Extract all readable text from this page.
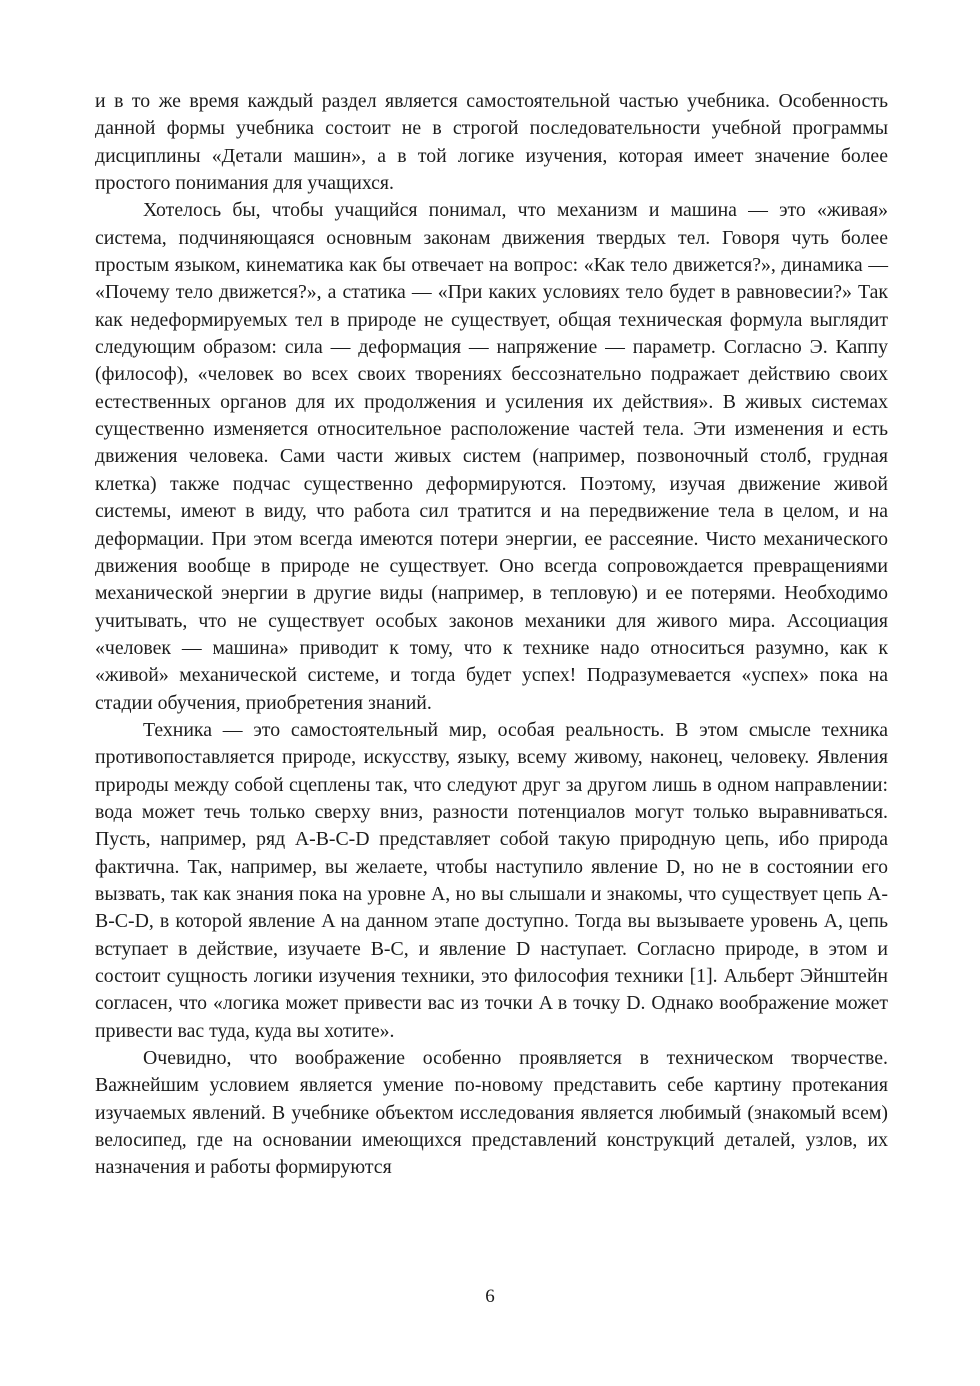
и в то же время каждый раздел является самостоятельной частью учебника. Особенность данной формы учебника состоит не в строгой последовательности учебной программы дисциплины «Детали машин», а в той логике изучения, которая имеет значение более простого понимания для учащихся.

Хотелось бы, чтобы учащийся понимал, что механизм и машина — это «живая» система, подчиняющаяся основным законам движения твердых тел. Говоря чуть более простым языком, кинематика как бы отвечает на вопрос: «Как тело движется?», динамика — «Почему тело движется?», а статика — «При каких условиях тело будет в равновесии?» Так как недеформируемых тел в природе не существует, общая техническая формула выглядит следующим образом: сила — деформация — напряжение — параметр. Согласно Э. Каппу (философ), «человек во всех своих творениях бессознательно подражает действию своих естественных органов для их продолжения и усиления их действия». В живых системах существенно изменяется относительное расположение частей тела. Эти изменения и есть движения человека. Сами части живых систем (например, позвоночный столб, грудная клетка) также подчас существенно деформируются. Поэтому, изучая движение живой системы, имеют в виду, что работа сил тратится и на передвижение тела в целом, и на деформации. При этом всегда имеются потери энергии, ее рассеяние. Чисто механического движения вообще в природе не существует. Оно всегда сопровождается превращениями механической энергии в другие виды (например, в тепловую) и ее потерями. Необходимо учитывать, что не существует особых законов механики для живого мира. Ассоциация «человек — машина» приводит к тому, что к технике надо относиться разумно, как к «живой» механической системе, и тогда будет успех! Подразумевается «успех» пока на стадии обучения, приобретения знаний.

Техника — это самостоятельный мир, особая реальность. В этом смысле техника противопоставляется природе, искусству, языку, всему живому, наконец, человеку. Явления природы между собой сцеплены так, что следуют друг за другом лишь в одном направлении: вода может течь только сверху вниз, разности потенциалов могут только выравниваться. Пусть, например, ряд A-B-C-D представляет собой такую природную цепь, ибо природа фактична. Так, например, вы желаете, чтобы наступило явление D, но не в состоянии его вызвать, так как знания пока на уровне A, но вы слышали и знакомы, что существует цепь A-B-C-D, в которой явление A на данном этапе доступно. Тогда вы вызываете уровень A, цепь вступает в действие, изучаете B-C, и явление D наступает. Согласно природе, в этом и состоит сущность логики изучения техники, это философия техники [1]. Альберт Эйнштейн согласен, что «логика может привести вас из точки A в точку D. Однако воображение может привести вас туда, куда вы хотите».

Очевидно, что воображение особенно проявляется в техническом творчестве. Важнейшим условием является умение по-новому представить себе картину протекания изучаемых явлений. В учебнике объектом исследования является любимый (знакомый всем) велосипед, где на основании имеющихся представлений конструкций деталей, узлов, их назначения и работы формируются

6
